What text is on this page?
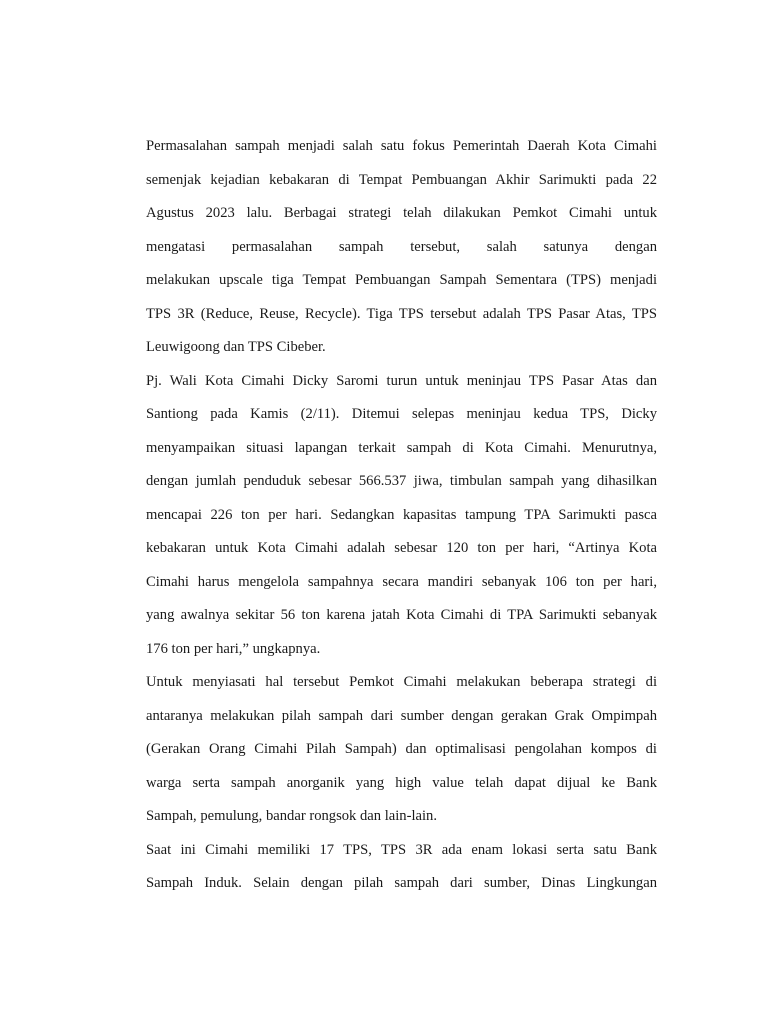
Permasalahan sampah menjadi salah satu fokus Pemerintah Daerah Kota Cimahi
semenjak kejadian kebakaran di Tempat Pembuangan Akhir Sarimukti pada 22
Agustus 2023 lalu. Berbagai strategi telah dilakukan Pemkot Cimahi untuk
mengatasi permasalahan sampah tersebut, salah satunya dengan
melakukan upscale tiga Tempat Pembuangan Sampah Sementara (TPS) menjadi
TPS 3R (Reduce, Reuse, Recycle). Tiga TPS tersebut adalah TPS Pasar Atas, TPS
Leuwigoong dan TPS Cibeber.
Pj. Wali Kota Cimahi Dicky Saromi turun untuk meninjau TPS Pasar Atas dan
Santiong pada Kamis (2/11). Ditemui selepas meninjau kedua TPS, Dicky
menyampaikan situasi lapangan terkait sampah di Kota Cimahi. Menurutnya,
dengan jumlah penduduk sebesar 566.537 jiwa, timbulan sampah yang dihasilkan
mencapai 226 ton per hari. Sedangkan kapasitas tampung TPA Sarimukti pasca
kebakaran untuk Kota Cimahi adalah sebesar 120 ton per hari, “Artinya Kota
Cimahi harus mengelola sampahnya secara mandiri sebanyak 106 ton per hari,
yang awalnya sekitar 56 ton karena jatah Kota Cimahi di TPA Sarimukti sebanyak
176 ton per hari,” ungkapnya.
Untuk menyiasati hal tersebut Pemkot Cimahi melakukan beberapa strategi di
antaranya melakukan pilah sampah dari sumber dengan gerakan Grak Ompimpah
(Gerakan Orang Cimahi Pilah Sampah) dan optimalisasi pengolahan kompos di
warga serta sampah anorganik yang high value telah dapat dijual ke Bank
Sampah, pemulung, bandar rongsok dan lain-lain.
Saat ini Cimahi memiliki 17 TPS, TPS 3R ada enam lokasi serta satu Bank
Sampah Induk. Selain dengan pilah sampah dari sumber, Dinas Lingkungan
